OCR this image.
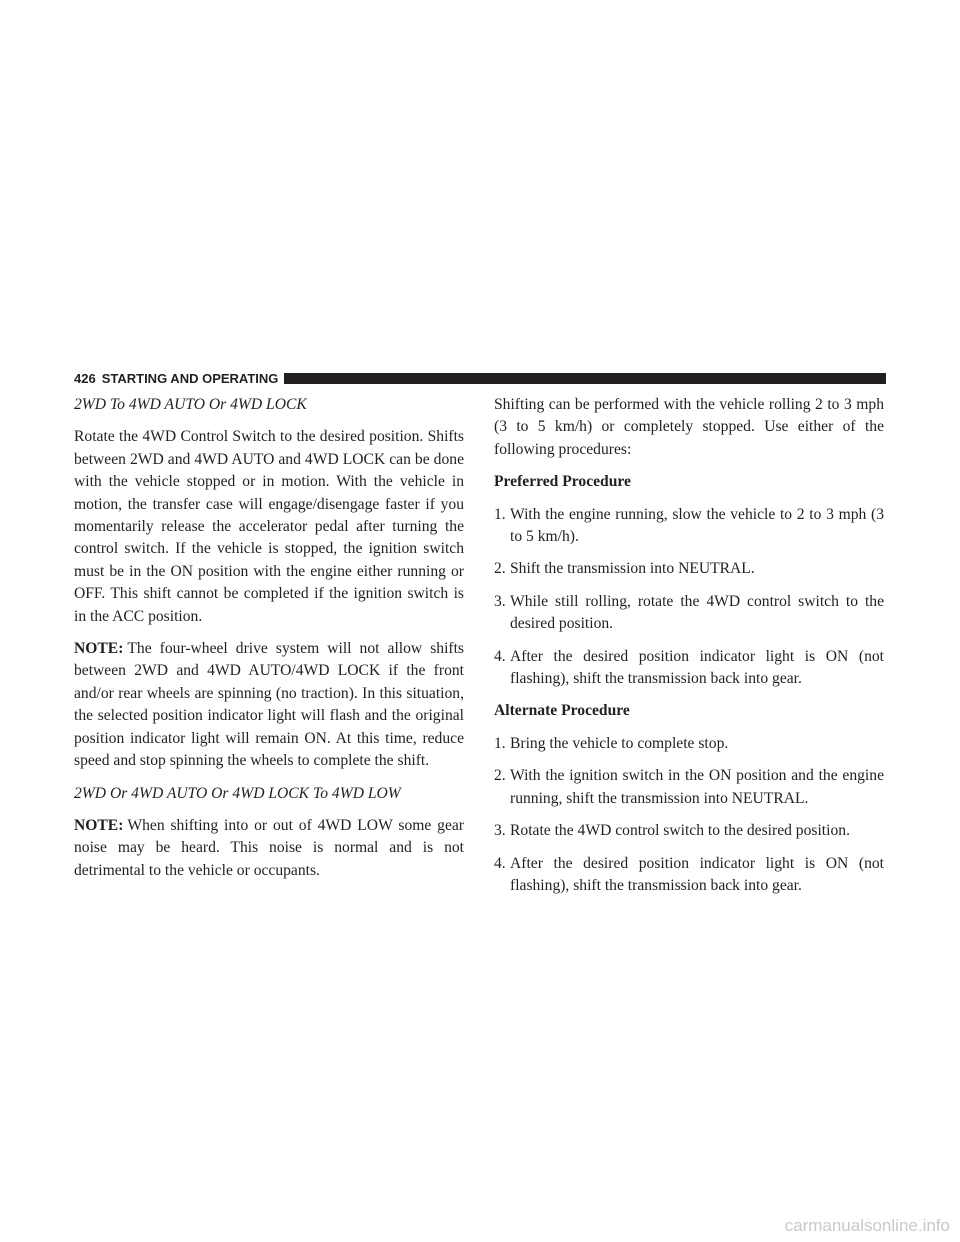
426 STARTING AND OPERATING

2WD To 4WD AUTO Or 4WD LOCK

Rotate the 4WD Control Switch to the desired position. Shifts between 2WD and 4WD AUTO and 4WD LOCK can be done with the vehicle stopped or in motion. With the vehicle in motion, the transfer case will engage/disengage faster if you momentarily release the accelerator pedal after turning the control switch. If the vehicle is stopped, the ignition switch must be in the ON position with the engine either running or OFF. This shift cannot be completed if the ignition switch is in the ACC position.

NOTE: The four-wheel drive system will not allow shifts between 2WD and 4WD AUTO/4WD LOCK if the front and/or rear wheels are spinning (no traction). In this situation, the selected position indicator light will flash and the original position indicator light will remain ON. At this time, reduce speed and stop spinning the wheels to complete the shift.

2WD Or 4WD AUTO Or 4WD LOCK To 4WD LOW

NOTE: When shifting into or out of 4WD LOW some gear noise may be heard. This noise is normal and is not detrimental to the vehicle or occupants.

Shifting can be performed with the vehicle rolling 2 to 3 mph (3 to 5 km/h) or completely stopped. Use either of the following procedures:

Preferred Procedure

1. With the engine running, slow the vehicle to 2 to 3 mph (3 to 5 km/h).
2. Shift the transmission into NEUTRAL.
3. While still rolling, rotate the 4WD control switch to the desired position.
4. After the desired position indicator light is ON (not flashing), shift the transmission back into gear.

Alternate Procedure

1. Bring the vehicle to complete stop.
2. With the ignition switch in the ON position and the engine running, shift the transmission into NEUTRAL.
3. Rotate the 4WD control switch to the desired position.
4. After the desired position indicator light is ON (not flashing), shift the transmission back into gear.
carmanualsonline.info
